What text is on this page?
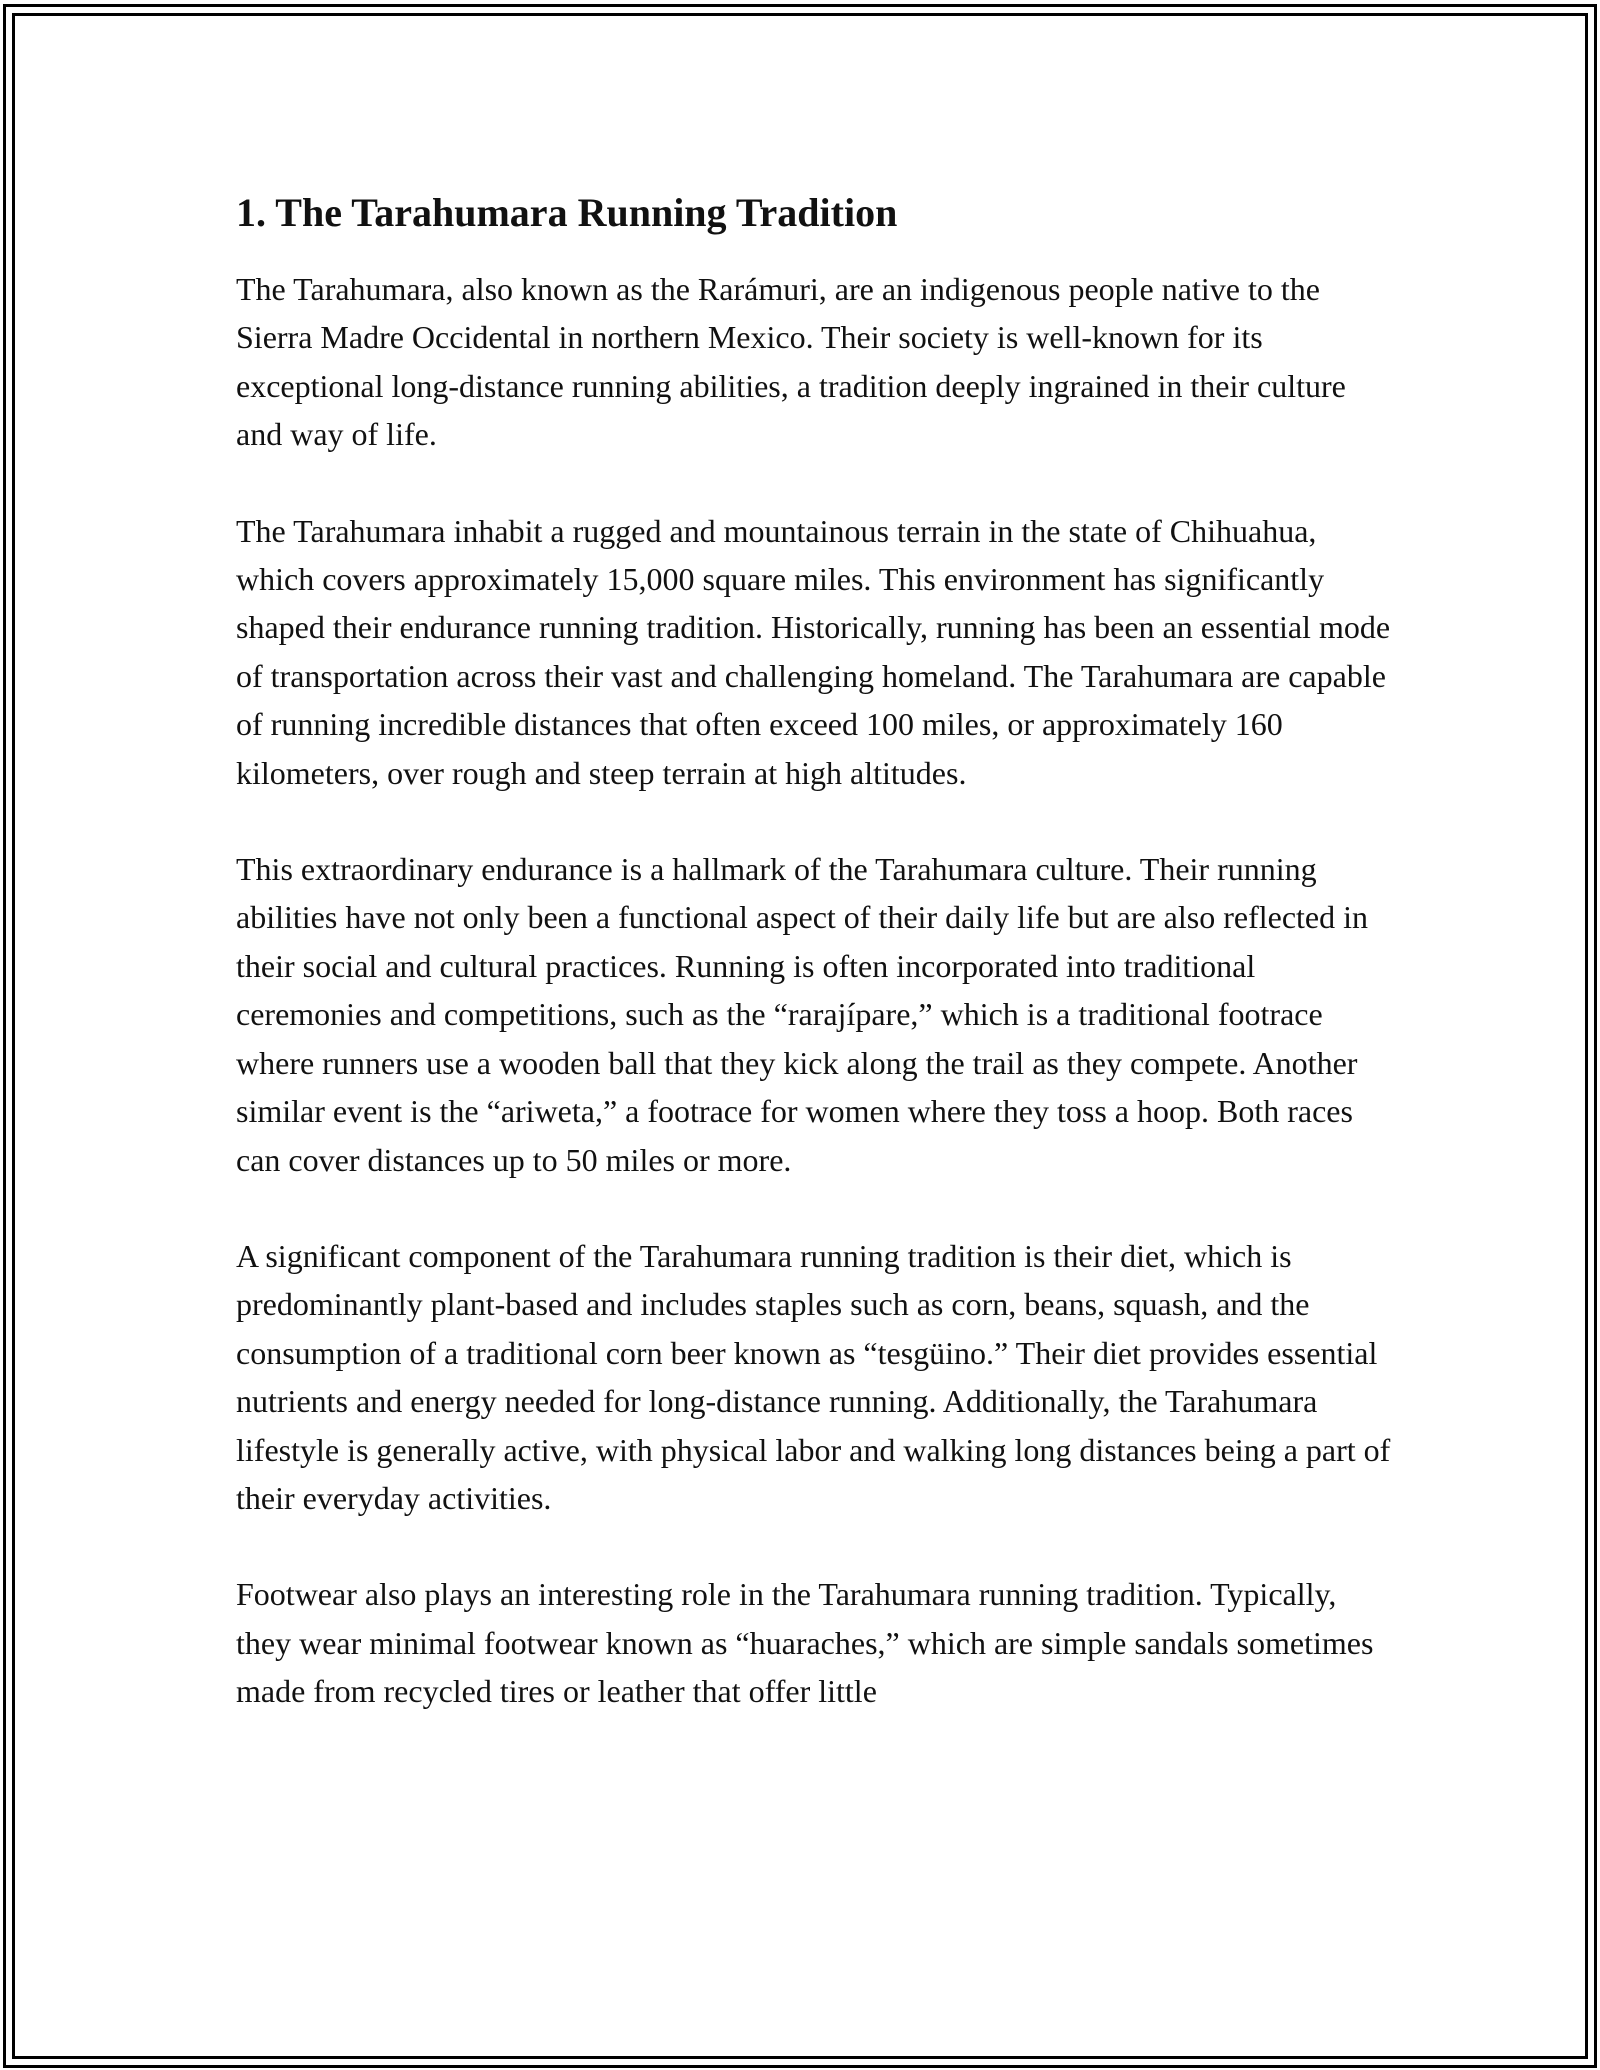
1. The Tarahumara Running Tradition

The Tarahumara, also known as the Rarámuri, are an indigenous people native to the Sierra Madre Occidental in northern Mexico. Their society is well-known for its exceptional long-distance running abilities, a tradition deeply ingrained in their culture and way of life.

The Tarahumara inhabit a rugged and mountainous terrain in the state of Chihuahua, which covers approximately 15,000 square miles. This environment has significantly shaped their endurance running tradition. Historically, running has been an essential mode of transportation across their vast and challenging homeland. The Tarahumara are capable of running incredible distances that often exceed 100 miles, or approximately 160 kilometers, over rough and steep terrain at high altitudes.

This extraordinary endurance is a hallmark of the Tarahumara culture. Their running abilities have not only been a functional aspect of their daily life but are also reflected in their social and cultural practices. Running is often incorporated into traditional ceremonies and competitions, such as the “rarajípare,” which is a traditional footrace where runners use a wooden ball that they kick along the trail as they compete. Another similar event is the “ariweta,” a footrace for women where they toss a hoop. Both races can cover distances up to 50 miles or more.

A significant component of the Tarahumara running tradition is their diet, which is predominantly plant-based and includes staples such as corn, beans, squash, and the consumption of a traditional corn beer known as “tesgüino.” Their diet provides essential nutrients and energy needed for long-distance running. Additionally, the Tarahumara lifestyle is generally active, with physical labor and walking long distances being a part of their everyday activities.

Footwear also plays an interesting role in the Tarahumara running tradition. Typically, they wear minimal footwear known as “huaraches,” which are simple sandals sometimes made from recycled tires or leather that offer little
